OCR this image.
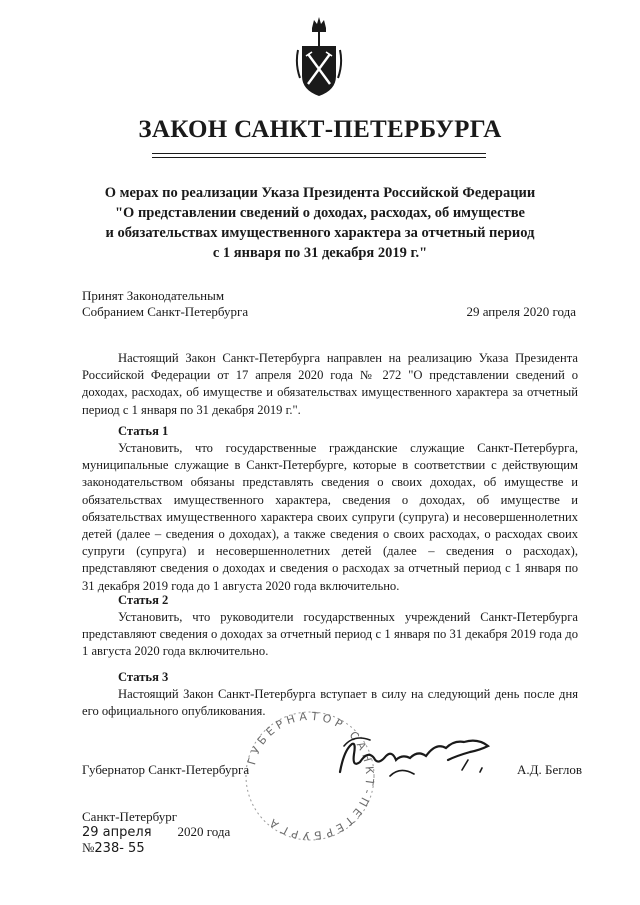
ЗАКОН САНКТ-ПЕТЕРБУРГА
О мерах по реализации Указа Президента Российской Федерации
"О представлении сведений о доходах, расходах, об имуществе
и обязательствах имущественного характера за отчетный период
с 1 января по 31 декабря 2019 г."
Принят Законодательным
Собранием Санкт-Петербурга	29 апреля 2020 года

Настоящий Закон Санкт-Петербурга направлен на реализацию Указа Президента Российской Федерации от 17 апреля 2020 года № 272 "О представлении сведений о доходах, расходах, об имуществе и обязательствах имущественного характера за отчетный период с 1 января по 31 декабря 2019 г.".

Статья 1

Установить, что государственные гражданские служащие Санкт-Петербурга, муниципальные служащие в Санкт-Петербурге, которые в соответствии с действующим законодательством обязаны представлять сведения о своих доходах, об имуществе и обязательствах имущественного характера, сведения о доходах, об имуществе и обязательствах имущественного характера своих супруги (супруга) и несовершеннолетних детей (далее – сведения о доходах), а также сведения о своих расходах, о расходах своих супруги (супруга) и несовершеннолетних детей (далее – сведения о расходах), представляют сведения о доходах и сведения о расходах за отчетный период с 1 января по 31 декабря 2019 года до 1 августа 2020 года включительно.

Статья 2

Установить, что руководители государственных учреждений Санкт-Петербурга представляют сведения о доходах за отчетный период с 1 января по 31 декабря 2019 года до 1 августа 2020 года включительно.

Статья 3

Настоящий Закон Санкт-Петербурга вступает в силу на следующий день после дня его официального опубликования.

ГУБЕРНАТОР САНКТ-ПЕТЕРБУРГА
Губернатор Санкт-Петербурга	А.Д. Беглов
Санкт-Петербург
29 апреля 2020 года
№238- 55
